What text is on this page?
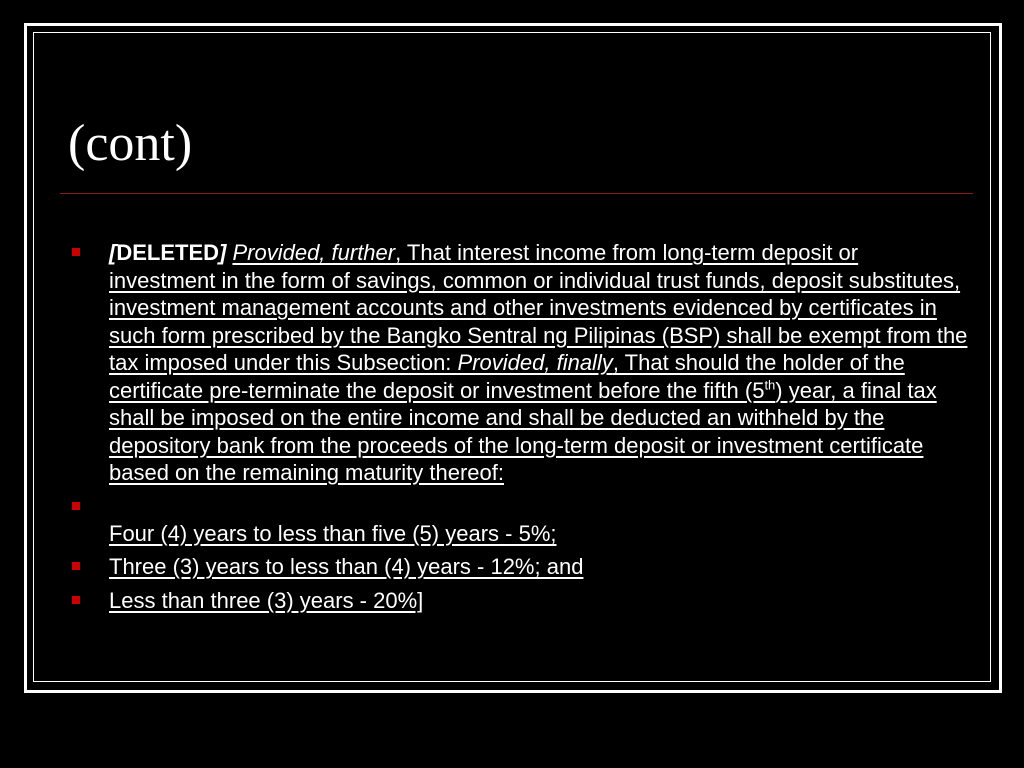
(cont)
[DELETED] Provided, further, That interest income from long-term deposit or investment in the form of savings, common or individual trust funds, deposit substitutes, investment management accounts and other investments evidenced by certificates in such form prescribed by the Bangko Sentral ng Pilipinas (BSP) shall be exempt from the tax imposed under this Subsection: Provided, finally, That should the holder of the certificate pre-terminate the deposit or investment before the fifth (5th) year, a final tax shall be imposed on the entire income and shall be deducted an withheld by the depository bank from the proceeds of the long-term deposit or investment certificate based on the remaining maturity thereof:
Four (4) years to less than five (5) years - 5%;
Three (3) years to less than (4) years - 12%; and
Less than three (3) years - 20%]
